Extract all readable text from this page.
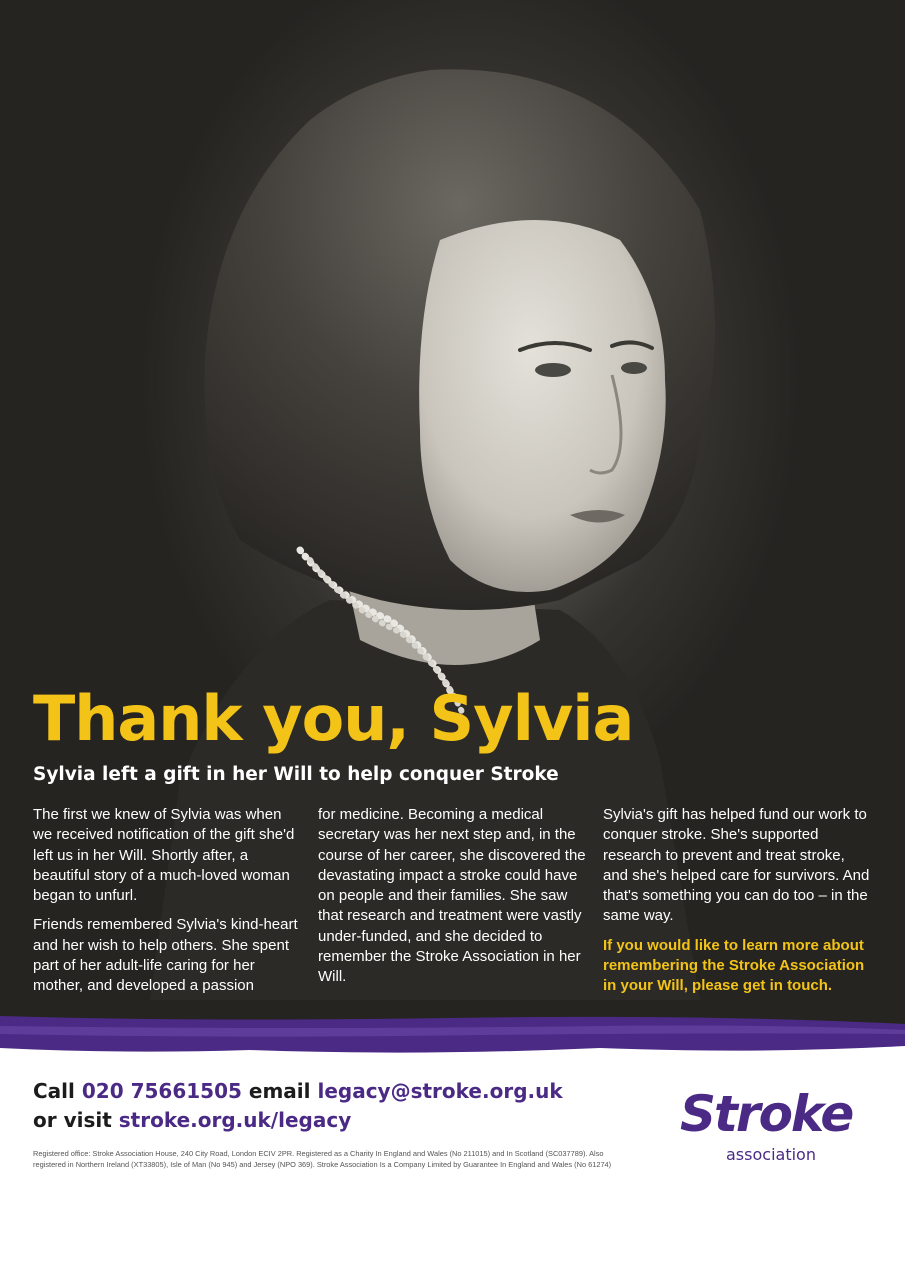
Thank you, Sylvia
Sylvia left a gift in her Will to help conquer Stroke

The first we knew of Sylvia was when we received notification of the gift she'd left us in her Will. Shortly after, a beautiful story of a much-loved woman began to unfurl.

Friends remembered Sylvia's kind-heart and her wish to help others. She spent part of her adult-life caring for her mother, and developed a passion

for medicine. Becoming a medical secretary was her next step and, in the course of her career, she discovered the devastating impact a stroke could have on people and their families. She saw that research and treatment were vastly under-funded, and she decided to remember the Stroke Association in her Will.

Sylvia's gift has helped fund our work to conquer stroke. She's supported research to prevent and treat stroke, and she's helped care for survivors. And that's something you can do too – in the same way.

If you would like to learn more about remembering the Stroke Association in your Will, please get in touch.

Call 020 75661505 email legacy@stroke.org.uk
or visit stroke.org.uk/legacy
Registered office: Stroke Association House, 240 City Road, London ECIV 2PR. Registered as a Charity In England and Wales (No 211015) and In Scotland (SC037789). Also registered in Northern Ireland (XT33805), Isle of Man (No 945) and Jersey (NPO 369). Stroke Association Is a Company Limited by Guarantee In England and Wales (No 61274)
Stroke
association
